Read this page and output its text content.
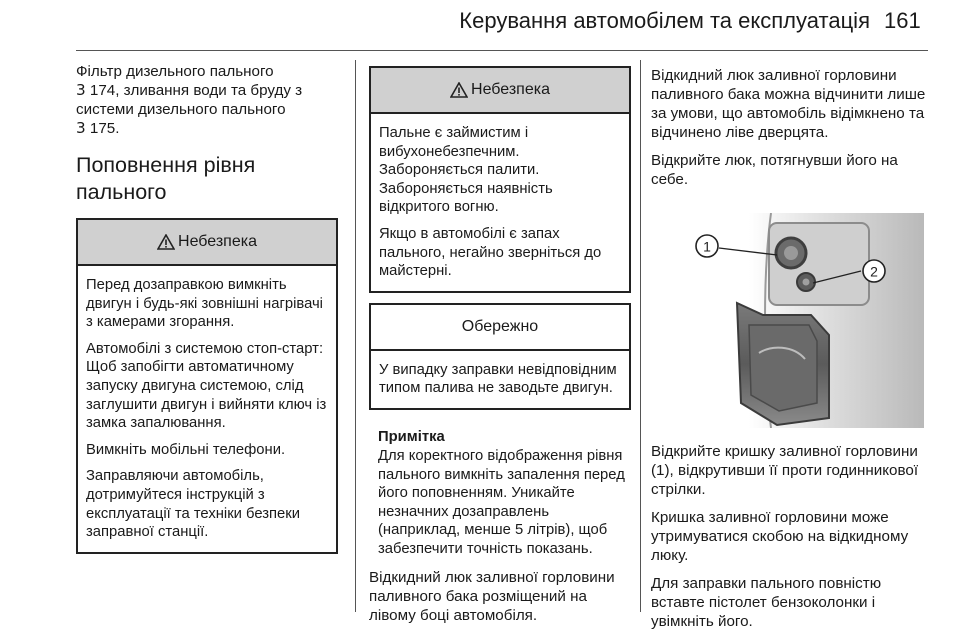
Керування автомобілем та експлуатація 161

Фільтр дизельного пального
3 174, зливання води та бруду з
системи дизельного пального
3 175.

Поповнення рівня
пального
Небезпека

Перед дозаправкою вимкніть двигун і будь-які зовнішні нагрівачі з камерами згорання.

Автомобілі з системою стоп-старт: Щоб запобігти автоматичному запуску двигуна системою, слід заглушити двигун і вийняти ключ із замка запалювання.

Вимкніть мобільні телефони.

Заправляючи автомобіль, дотримуйтеся інструкцій з експлуатації та техніки безпеки заправної станції.

Небезпека

Пальне є займистим і вибухонебезпечним. Забороняється палити. Забороняється наявність відкритого вогню.

Якщо в автомобілі є запах пального, негайно зверніться до майстерні.

Обережно

У випадку заправки невідповідним типом палива не заводьте двигун.

Примітка

Для коректного відображення рівня пального вимкніть запалення перед його поповненням. Уникайте незначних дозаправлень (наприклад, менше 5 літрів), щоб забезпечити точність показань.

Відкидний люк заливної горловини паливного бака розміщений на лівому боці автомобіля.

Відкидний люк заливної горловини паливного бака можна відчинити лише за умови, що автомобіль відімкнено та відчинено ліве дверцята.

Відкрийте люк, потягнувши його на себе.

1
2

Відкрийте кришку заливної горловини (1), відкрутивши її проти годинникової стрілки.

Кришка заливної горловини може утримуватися скобою на відкидному люку.

Для заправки пального повністю вставте пістолет бензоколонки і увімкніть його.
